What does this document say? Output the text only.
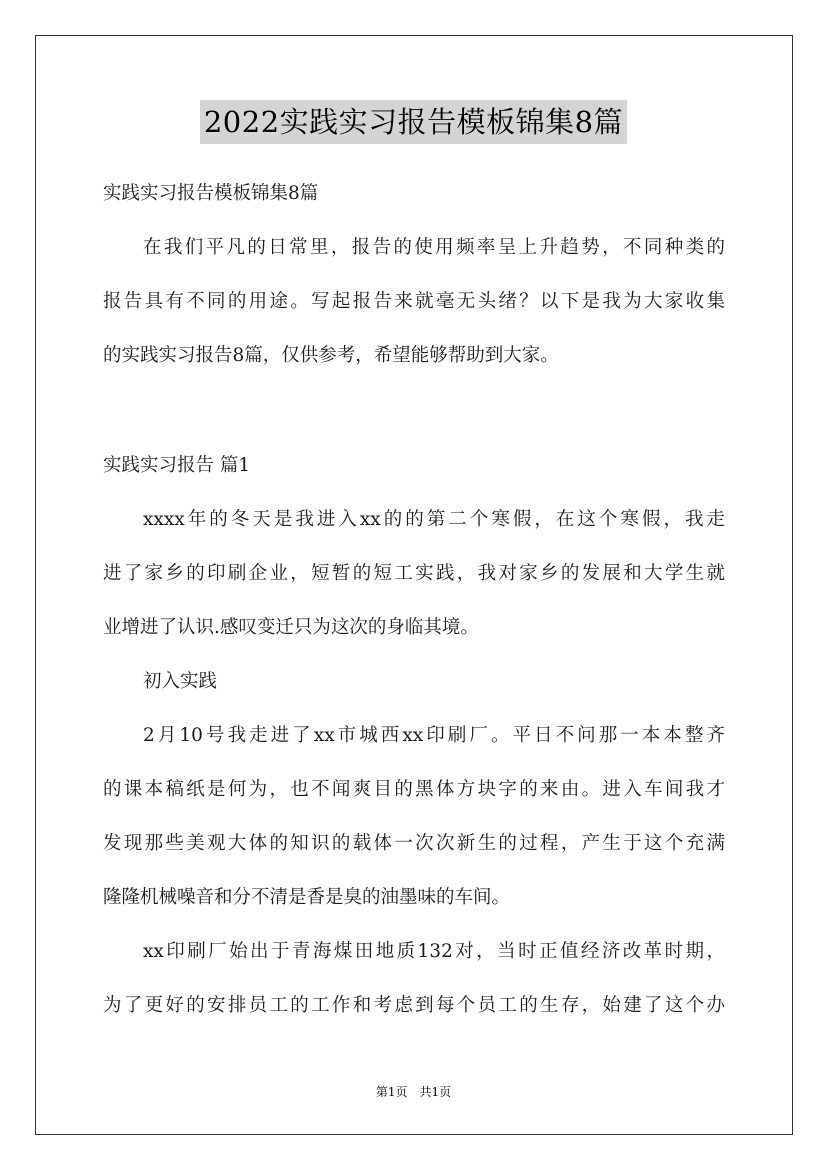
2022实践实习报告模板锦集8篇
实践实习报告模板锦集8篇
在我们平凡的日常里，报告的使用频率呈上升趋势，不同种类的
报告具有不同的用途。写起报告来就毫无头绪？以下是我为大家收集
的实践实习报告8篇，仅供参考，希望能够帮助到大家。
实践实习报告 篇1
xxxx年的冬天是我进入xx的的第二个寒假，在这个寒假，我走
进了家乡的印刷企业，短暂的短工实践，我对家乡的发展和大学生就
业增进了认识.感叹变迁只为这次的身临其境。
初入实践
2月10号我走进了xx市城西xx印刷厂。平日不问那一本本整齐
的课本稿纸是何为，也不闻爽目的黑体方块字的来由。进入车间我才
发现那些美观大体的知识的载体一次次新生的过程，产生于这个充满
隆隆机械噪音和分不清是香是臭的油墨味的车间。
xx印刷厂始出于青海煤田地质132对，当时正值经济改革时期，
为了更好的安排员工的工作和考虑到每个员工的生存，始建了这个办
第1页　共1页
